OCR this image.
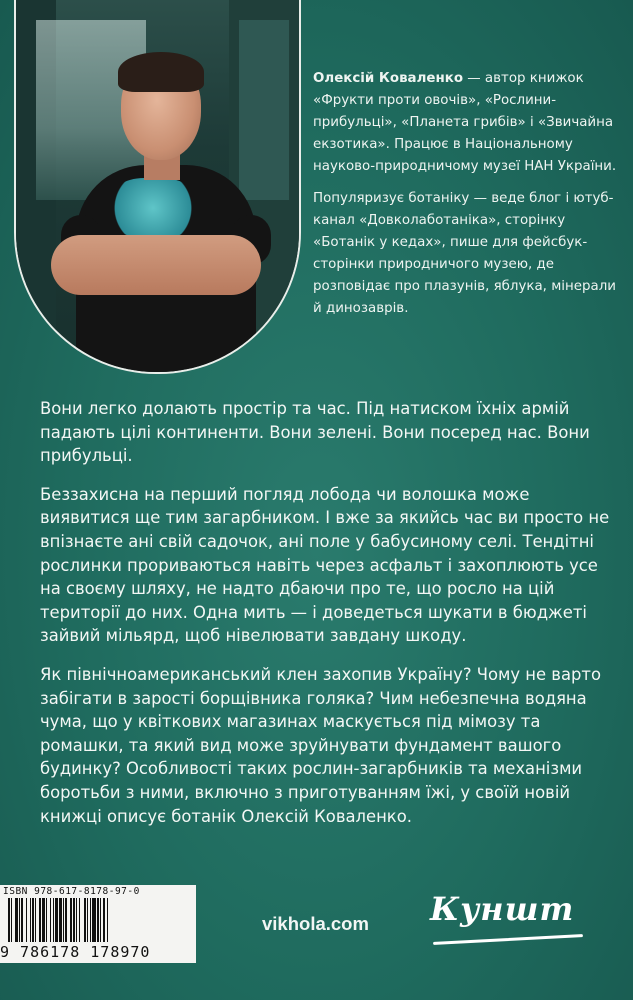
Олексій Коваленко — автор книжок «Фрукти проти овочів», «Рослини-прибульці», «Планета грибів» і «Звичайна екзотика». Працює в Національному науково-природничому музеї НАН України.

Популяризує ботаніку — веде блог і ютуб-канал «Довколаботаніка», сторінку «Ботанік у кедах», пише для фейсбук-сторінки природничого музею, де розповідає про плазунів, яблука, мінерали й динозаврів.

Вони легко долають простір та час. Під натиском їхніх армій падають цілі континенти. Вони зелені. Вони посеред нас. Вони прибульці.

Беззахисна на перший погляд лобода чи волошка може виявитися ще тим загарбником. І вже за якийсь час ви просто не впізнаєте ані свій садочок, ані поле у бабусиному селі. Тендітні рослинки прориваються навіть через асфальт і захоплюють усе на своєму шляху, не надто дбаючи про те, що росло на цій території до них. Одна мить — і доведеться шукати в бюджеті зайвий мільярд, щоб нівелювати завдану шкоду.

Як північноамериканський клен захопив Україну? Чому не варто забігати в зарості борщівника голяка? Чим небезпечна водяна чума, що у квіткових магазинах маскується під мімозу та ромашки, та який вид може зруйнувати фундамент вашого будинку? Особливості таких рослин-загарбників та механізми боротьби з ними, включно з приготуванням їжі, у своїй новій книжці описує ботанік Олексій Коваленко.

ISBN 978-617-8178-97-0
9 786178 178970
vikhola.com Куншт
